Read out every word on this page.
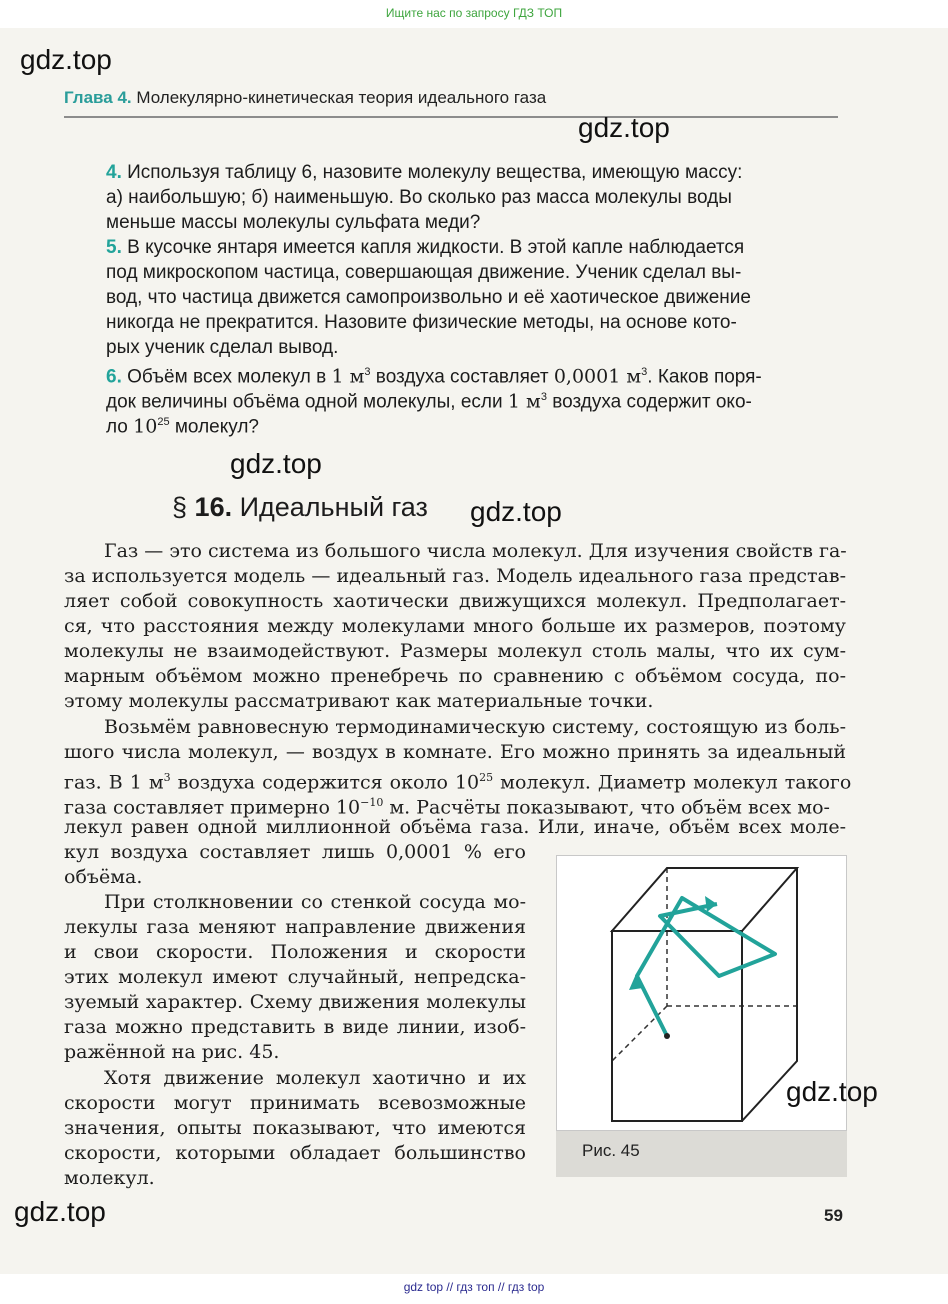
Ищите нас по запросу ГДЗ ТОП
gdz.top
Глава 4. Молекулярно-кинетическая теория идеального газа
gdz.top
4. Используя таблицу 6, назовите молекулу вещества, имеющую массу:
а) наибольшую; б) наименьшую. Во сколько раз масса молекулы воды
меньше массы молекулы сульфата меди?
5. В кусочке янтаря имеется капля жидкости. В этой капле наблюдается
под микроскопом частица, совершающая движение. Ученик сделал вы-
вод, что частица движется самопроизвольно и её хаотическое движение
никогда не прекратится. Назовите физические методы, на основе кото-
рых ученик сделал вывод.
6. Объём всех молекул в 1 $м^3$ воздуха составляет 0,0001 $м^3$. Каков поря-
док величины объёма одной молекулы, если 1 $м^3$ воздуха содержит око-
ло $10^{25}$ молекул?
gdz.top
§ 16. Идеальный газ gdz.top
Газ — это система из большого числа молекул. Для изучения свойств га-
за используется модель — идеальный газ. Модель идеального газа представ-
ляет собой совокупность хаотически движущихся молекул. Предполагает-
ся, что расстояния между молекулами много больше их размеров, поэтому
молекулы не взаимодействуют. Размеры молекул столь малы, что их сум-
марным объёмом можно пренебречь по сравнению с объёмом сосуда, по-
этому молекулы рассматривают как материальные точки.
Возьмём равновесную термодинамическую систему, состоящую из боль-
шого числа молекул, — воздух в комнате. Его можно принять за идеальный
газ. В 1 $м^3$ воздуха содержится около $10^{25}$ молекул. Диаметр молекул такого
газа составляет примерно $10^{-10}$ м. Расчёты показывают, что объём всех мо-
лекул равен одной миллионной объёма газа. Или, иначе, объём всех моле-
кул воздуха составляет лишь 0,0001 % его
объёма.
При столкновении со стенкой сосуда мо-
лекулы газа меняют направление движения
и свои скорости. Положения и скорости
этих молекул имеют случайный, непредска-
зуемый характер. Схему движения молекулы
газа можно представить в виде линии, изоб-
ражённой на рис. 45.
Хотя движение молекул хаотично и их
скорости могут принимать всевозможные
значения, опыты показывают, что имеются
скорости, которыми обладает большинство
молекул.
Рис. 45
gdz.top
gdz.top	59
gdz top // гдз топ // гдз top
